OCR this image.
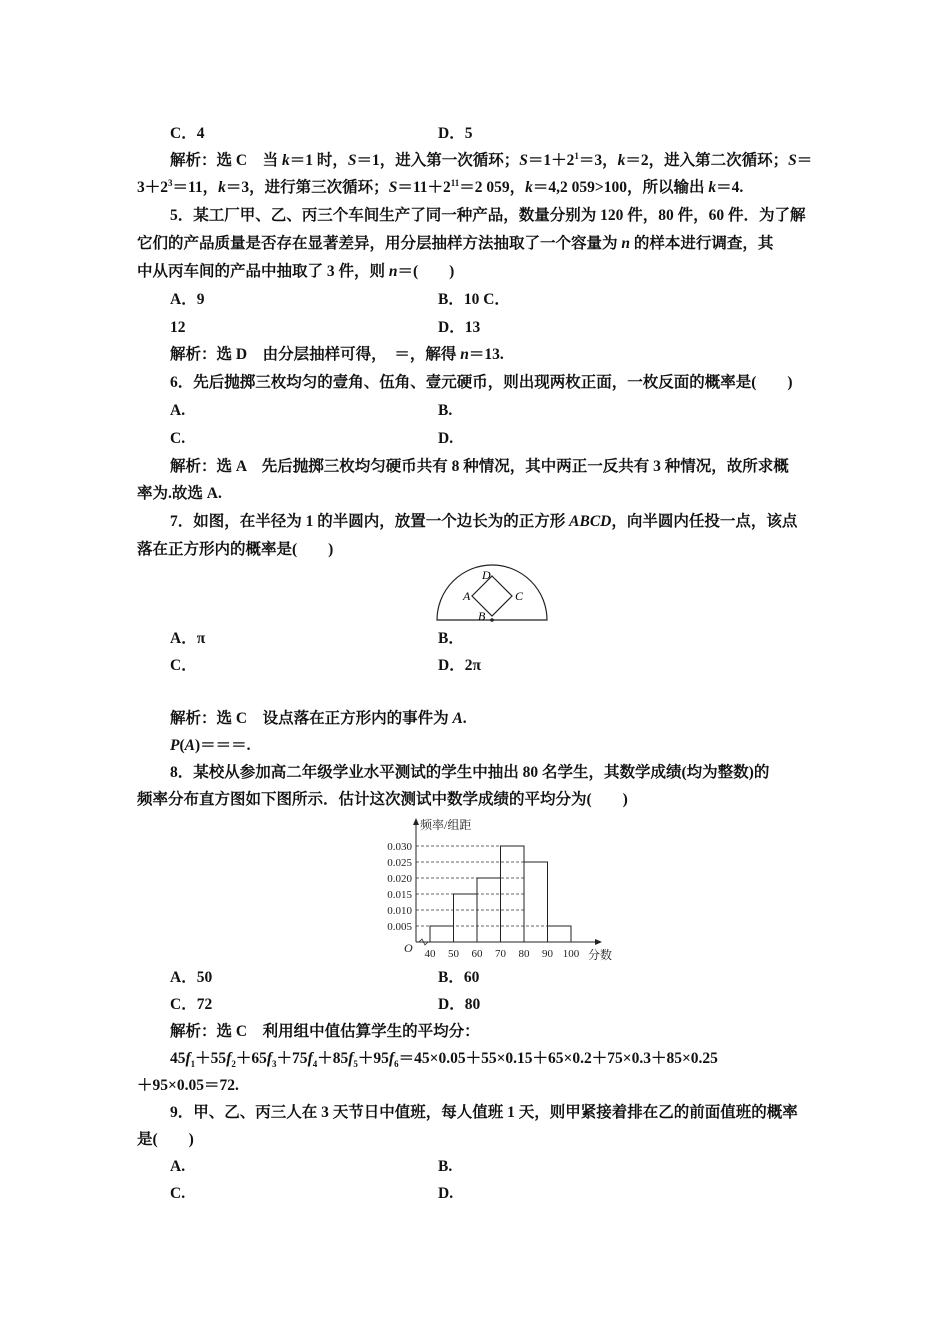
C．4	D．5
解析：选 C　当 k＝1 时，S＝1，进入第一次循环；$S=1+2^1=3$，k＝2，进入第二次循环；S＝
$3+2^3=11$，k＝3，进行第三次循环；$S=11+2^{11}=2$ 059，k＝4,2 059>100，所以输出 k＝4.
5．某工厂甲、乙、丙三个车间生产了同一种产品，数量分别为 120 件，80 件，60 件．为了解
它们的产品质量是否存在显著差异，用分层抽样方法抽取了一个容量为 n 的样本进行调查，其
中从丙车间的产品中抽取了 3 件，则 n＝(　　)
A．9	B．10 C．
12	D．13
解析：选 D　由分层抽样可得，　＝，解得 n＝13.
6．先后抛掷三枚均匀的壹角、伍角、壹元硬币，则出现两枚正面，一枚反面的概率是(　　)
A.	B.
C.	D.
解析：选 A　先后抛掷三枚均匀硬币共有 8 种情况，其中两正一反共有 3 种情况，故所求概
率为.故选 A.
7．如图，在半径为 1 的半圆内，放置一个边长为的正方形 ABCD，向半圆内任投一点，该点
落在正方形内的概率是(　　)
D
A	C
B
A．π	B．
C．	D．2π
解析：选 C　设点落在正方形内的事件为 A.
P(A)＝＝＝.
8．某校从参加高二年级学业水平测试的学生中抽出 80 名学生，其数学成绩(均为整数)的
频率分布直方图如下图所示．估计这次测试中数学成绩的平均分为(　　)
0.005
0.010
0.015
0.020
0.025
0.030
40 50 60 70 80 90 100
O
频率/组距
分数
A．50	B．60
C．72	D．80
解析：选 C　利用组中值估算学生的平均分：
$45f_1+55f_2+65f_3+75f_4+85f_5+95f_6=45\times 0.05+55\times 0.15+65\times 0.2+75\times 0.3+85\times 0.25$
＋95×0.05＝72.
9．甲、乙、丙三人在 3 天节日中值班，每人值班 1 天，则甲紧接着排在乙的前面值班的概率
是(　　)
A.	B.
C.	D.
